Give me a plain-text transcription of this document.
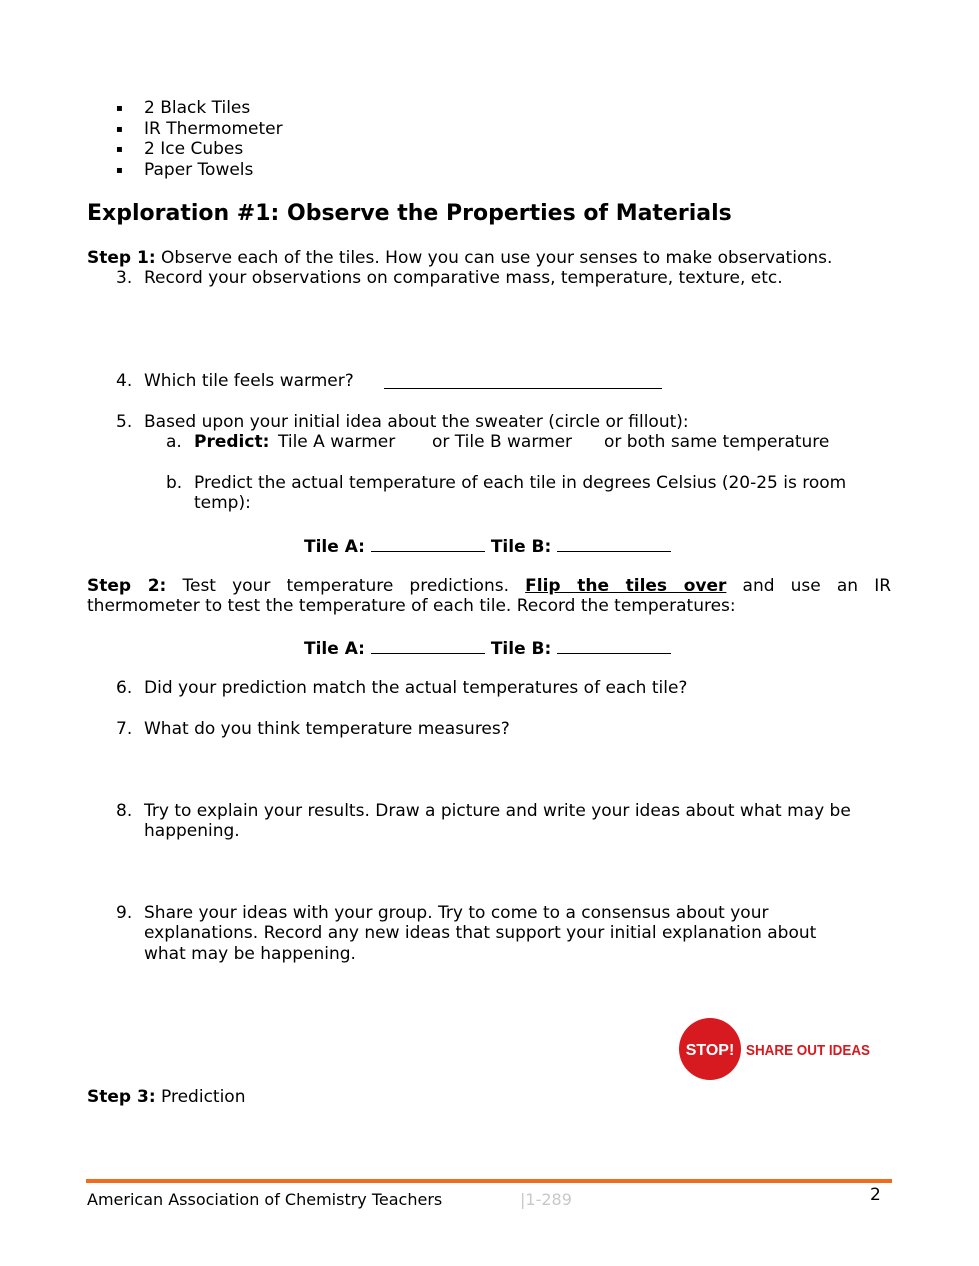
▪ 2 Black Tiles
▪ IR Thermometer
▪ 2 Ice Cubes
▪ Paper Towels
Exploration #1: Observe the Properties of Materials
Step 1: Observe each of the tiles. How you can use your senses to make observations.
3. Record your observations on comparative mass, temperature, texture, etc.
4. Which tile feels warmer?
5. Based upon your initial idea about the sweater (circle or fillout):
a. Predict: Tile A warmer or Tile B warmer or both same temperature
b. Predict the actual temperature of each tile in degrees Celsius (20-25 is room
temp):
Tile A:	Tile B:
Step 2: Test your temperature predictions. Flip the tiles over and use an IR
thermometer to test the temperature of each tile. Record the temperatures:
Tile A:	Tile B:
6. Did your prediction match the actual temperatures of each tile?
7. What do you think temperature measures?
8. Try to explain your results. Draw a picture and write your ideas about what may be
happening.
9. Share your ideas with your group. Try to come to a consensus about your
explanations. Record any new ideas that support your initial explanation about
what may be happening.
STOP! SHARE OUT IDEAS
Step 3: Prediction
American Association of Chemistry Teachers	|1-289	2
